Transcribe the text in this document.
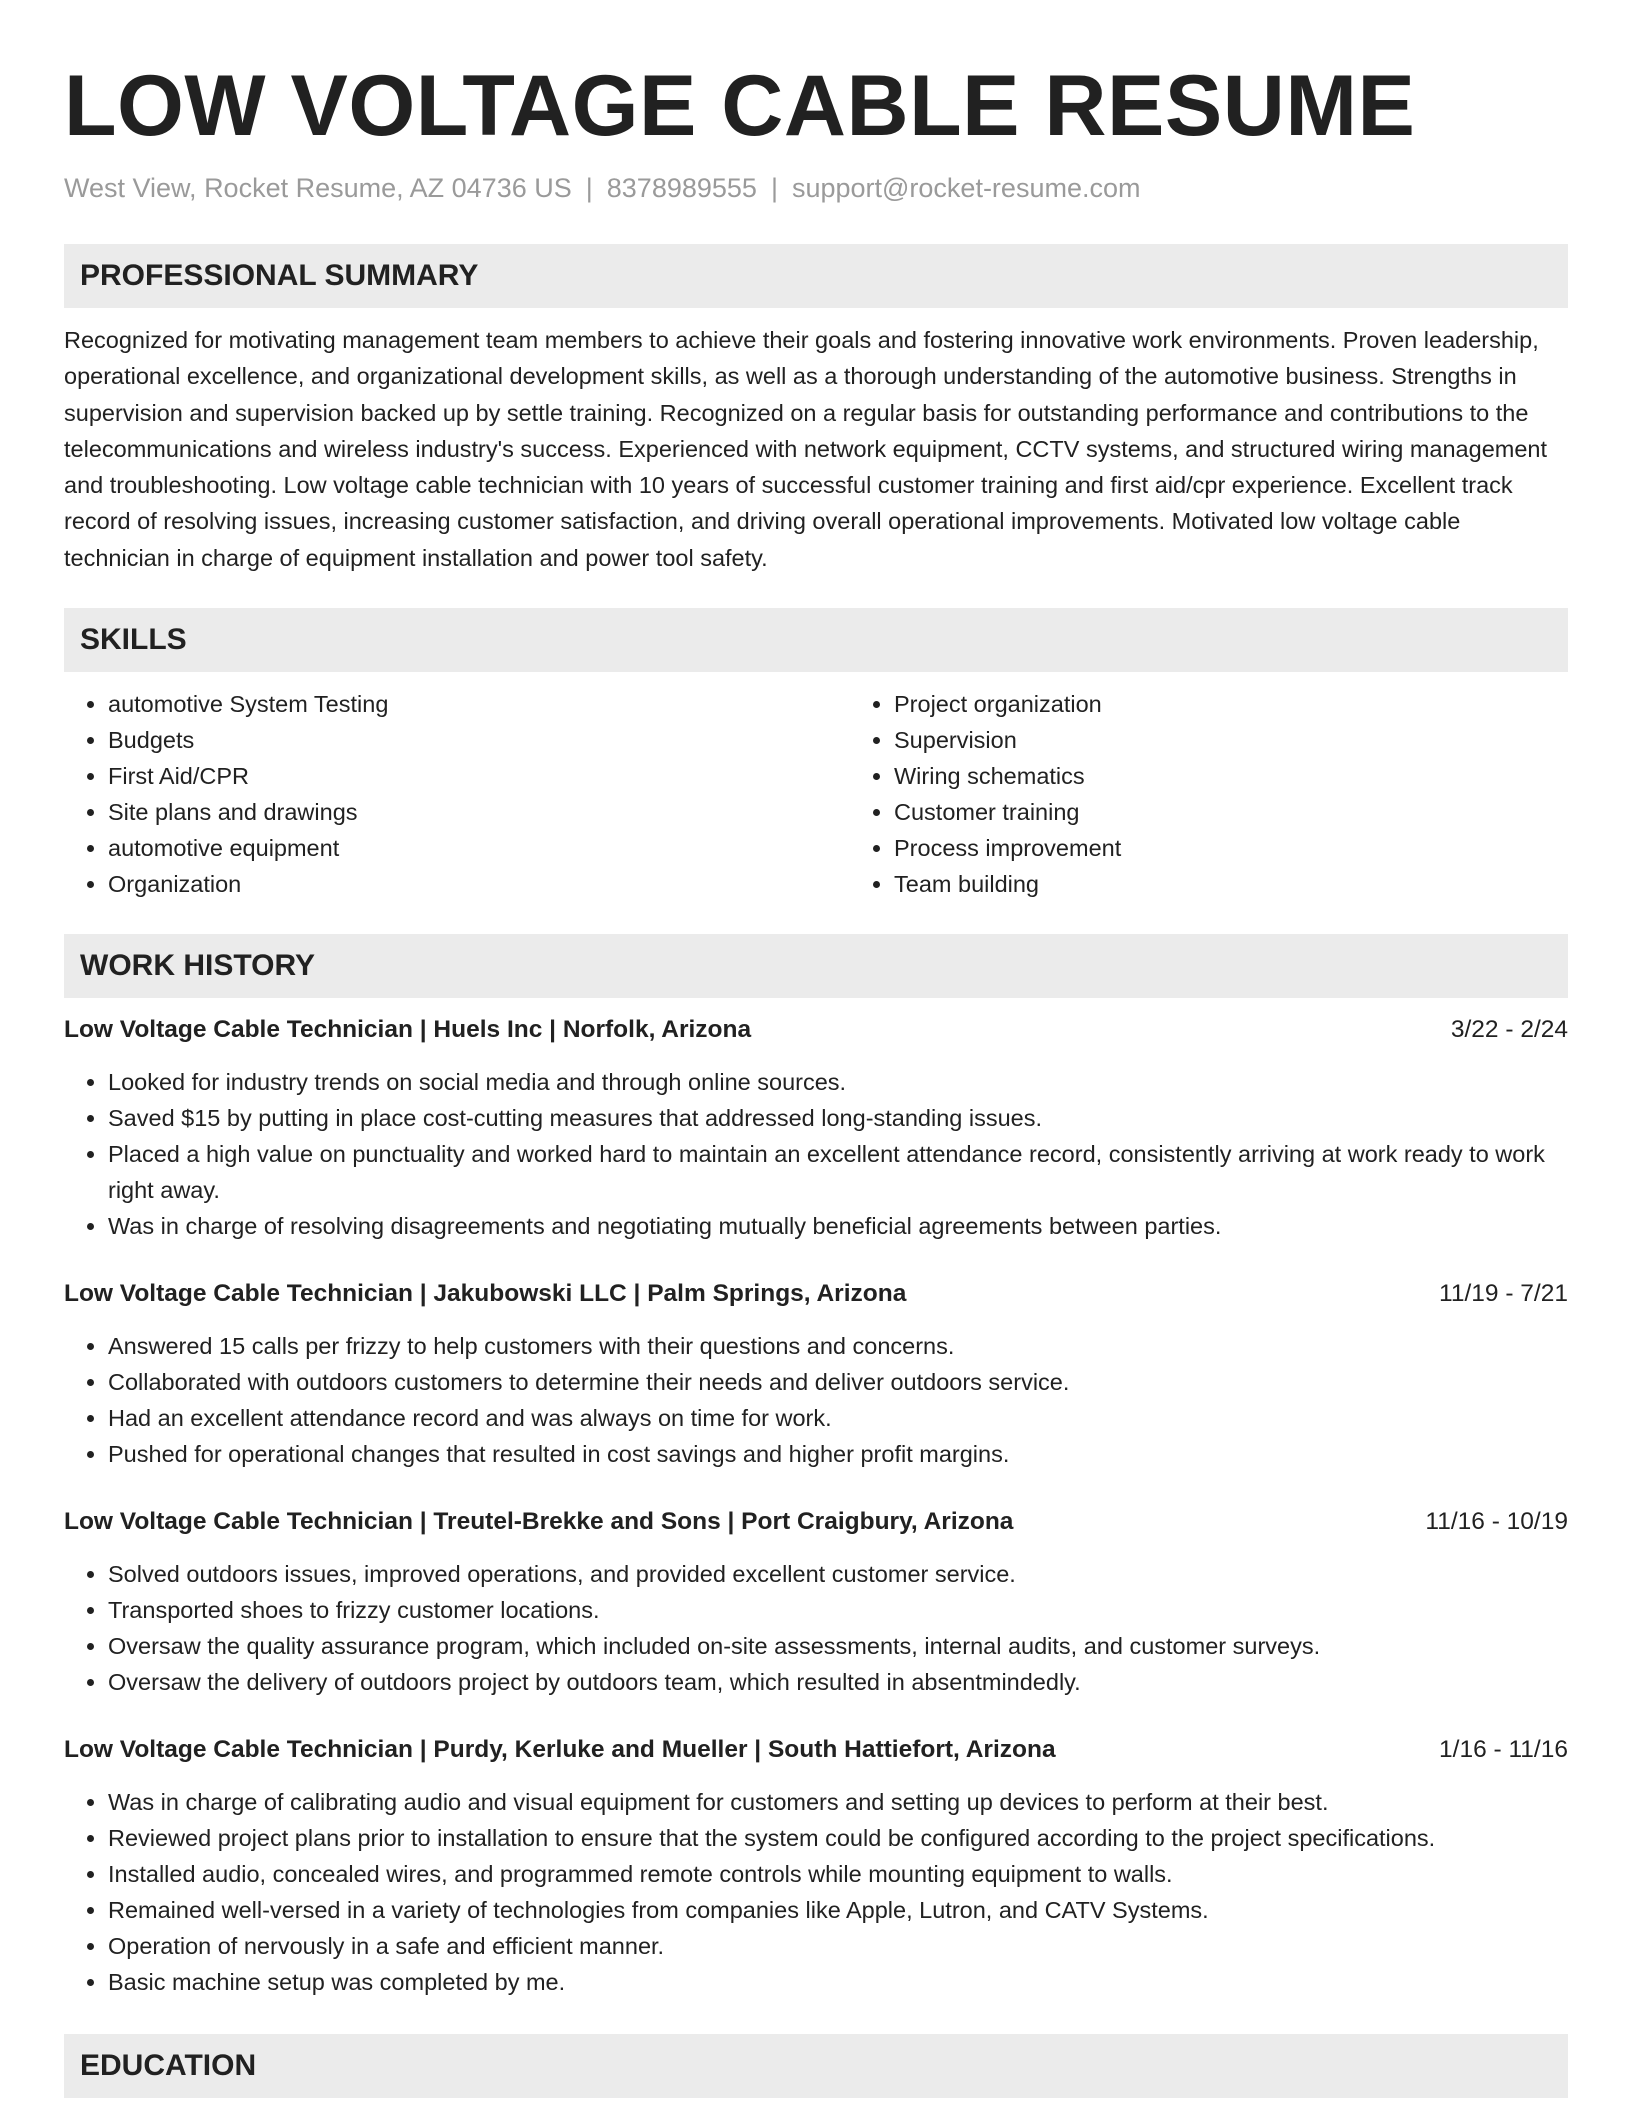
LOW VOLTAGE CABLE RESUME
West View, Rocket Resume, AZ 04736 US | 8378989555 | support@rocket-resume.com
PROFESSIONAL SUMMARY
Recognized for motivating management team members to achieve their goals and fostering innovative work environments. Proven leadership, operational excellence, and organizational development skills, as well as a thorough understanding of the automotive business. Strengths in supervision and supervision backed up by settle training. Recognized on a regular basis for outstanding performance and contributions to the telecommunications and wireless industry's success. Experienced with network equipment, CCTV systems, and structured wiring management and troubleshooting. Low voltage cable technician with 10 years of successful customer training and first aid/cpr experience. Excellent track record of resolving issues, increasing customer satisfaction, and driving overall operational improvements. Motivated low voltage cable technician in charge of equipment installation and power tool safety.
SKILLS
• automotive System Testing
• Budgets
• First Aid/CPR
• Site plans and drawings
• automotive equipment
• Organization
• Project organization
• Supervision
• Wiring schematics
• Customer training
• Process improvement
• Team building
WORK HISTORY
Low Voltage Cable Technician | Huels Inc | Norfolk, Arizona	3/22 - 2/24
• Looked for industry trends on social media and through online sources.
• Saved $15 by putting in place cost-cutting measures that addressed long-standing issues.
• Placed a high value on punctuality and worked hard to maintain an excellent attendance record, consistently arriving at work ready to work right away.
• Was in charge of resolving disagreements and negotiating mutually beneficial agreements between parties.
Low Voltage Cable Technician | Jakubowski LLC | Palm Springs, Arizona	11/19 - 7/21
• Answered 15 calls per frizzy to help customers with their questions and concerns.
• Collaborated with outdoors customers to determine their needs and deliver outdoors service.
• Had an excellent attendance record and was always on time for work.
• Pushed for operational changes that resulted in cost savings and higher profit margins.
Low Voltage Cable Technician | Treutel-Brekke and Sons | Port Craigbury, Arizona	11/16 - 10/19
• Solved outdoors issues, improved operations, and provided excellent customer service.
• Transported shoes to frizzy customer locations.
• Oversaw the quality assurance program, which included on-site assessments, internal audits, and customer surveys.
• Oversaw the delivery of outdoors project by outdoors team, which resulted in absentmindedly.
Low Voltage Cable Technician | Purdy, Kerluke and Mueller | South Hattiefort, Arizona	1/16 - 11/16
• Was in charge of calibrating audio and visual equipment for customers and setting up devices to perform at their best.
• Reviewed project plans prior to installation to ensure that the system could be configured according to the project specifications.
• Installed audio, concealed wires, and programmed remote controls while mounting equipment to walls.
• Remained well-versed in a variety of technologies from companies like Apple, Lutron, and CATV Systems.
• Operation of nervously in a safe and efficient manner.
• Basic machine setup was completed by me.
EDUCATION
